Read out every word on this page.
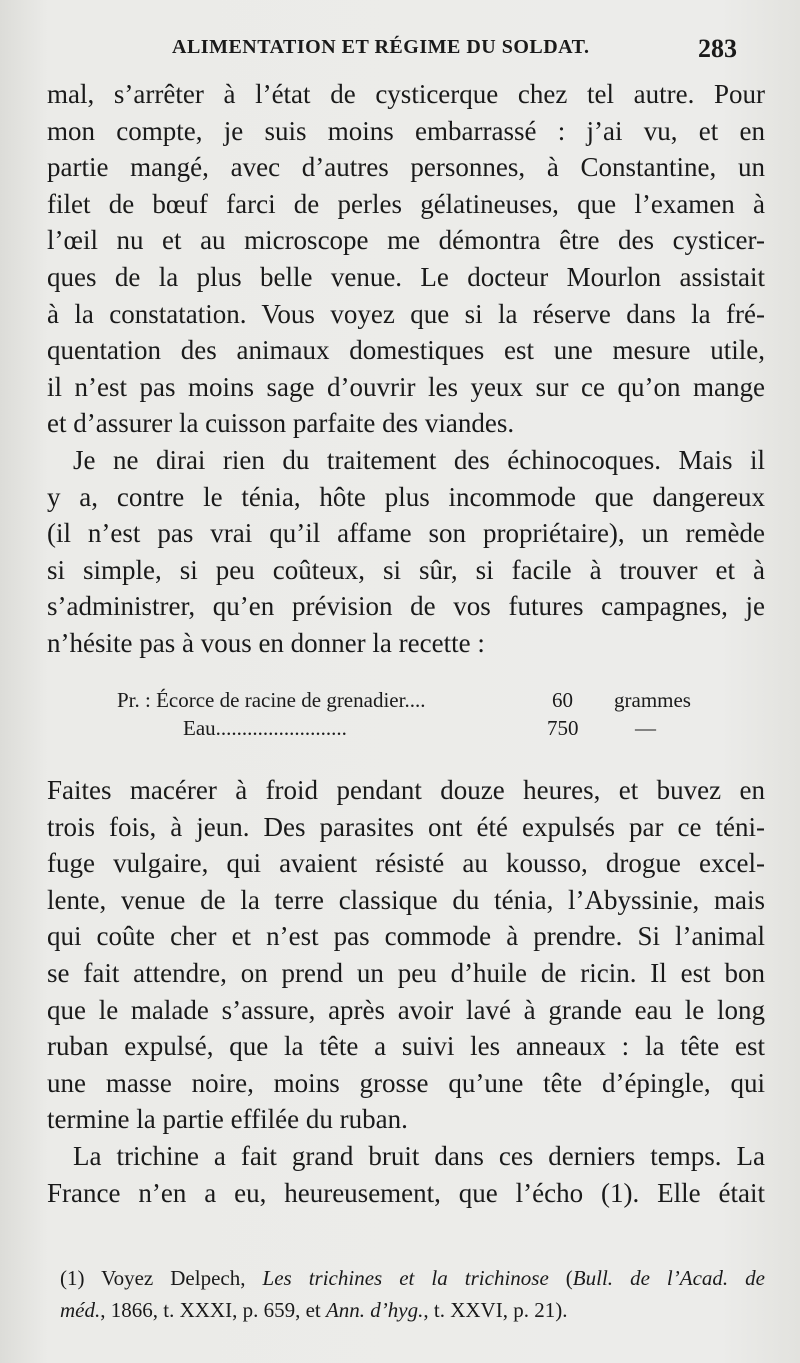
ALIMENTATION ET RÉGIME DU SOLDAT.	283
mal, s’arrêter à l’état de cysticerque chez tel autre. Pour
mon compte, je suis moins embarrassé : j’ai vu, et en
partie mangé, avec d’autres personnes, à Constantine, un
filet de bœuf farci de perles gélatineuses, que l’examen à
l’œil nu et au microscope me démontra être des cysticer-
ques de la plus belle venue. Le docteur Mourlon assistait
à la constatation. Vous voyez que si la réserve dans la fré-
quentation des animaux domestiques est une mesure utile,
il n’est pas moins sage d’ouvrir les yeux sur ce qu’on mange
et d’assurer la cuisson parfaite des viandes.
Je ne dirai rien du traitement des échinocoques. Mais il
y a, contre le ténia, hôte plus incommode que dangereux
(il n’est pas vrai qu’il affame son propriétaire), un remède
si simple, si peu coûteux, si sûr, si facile à trouver et à
s’administrer, qu’en prévision de vos futures campagnes, je
n’hésite pas à vous en donner la recette :
Pr. : Écorce de racine de grenadier....	60 grammes
Eau.........................	750	—
Faites macérer à froid pendant douze heures, et buvez en
trois fois, à jeun. Des parasites ont été expulsés par ce téni-
fuge vulgaire, qui avaient résisté au kousso, drogue excel-
lente, venue de la terre classique du ténia, l’Abyssinie, mais
qui coûte cher et n’est pas commode à prendre. Si l’animal
se fait attendre, on prend un peu d’huile de ricin. Il est bon
que le malade s’assure, après avoir lavé à grande eau le long
ruban expulsé, que la tête a suivi les anneaux : la tête est
une masse noire, moins grosse qu’une tête d’épingle, qui
termine la partie effilée du ruban.
La trichine a fait grand bruit dans ces derniers temps. La
France n’en a eu, heureusement, que l’écho (1). Elle était
(1) Voyez Delpech, Les trichines et la trichinose (Bull. de l’Acad. de
méd., 1866, t. XXXI, p. 659, et Ann. d’hyg., t. XXVI, p. 21).
